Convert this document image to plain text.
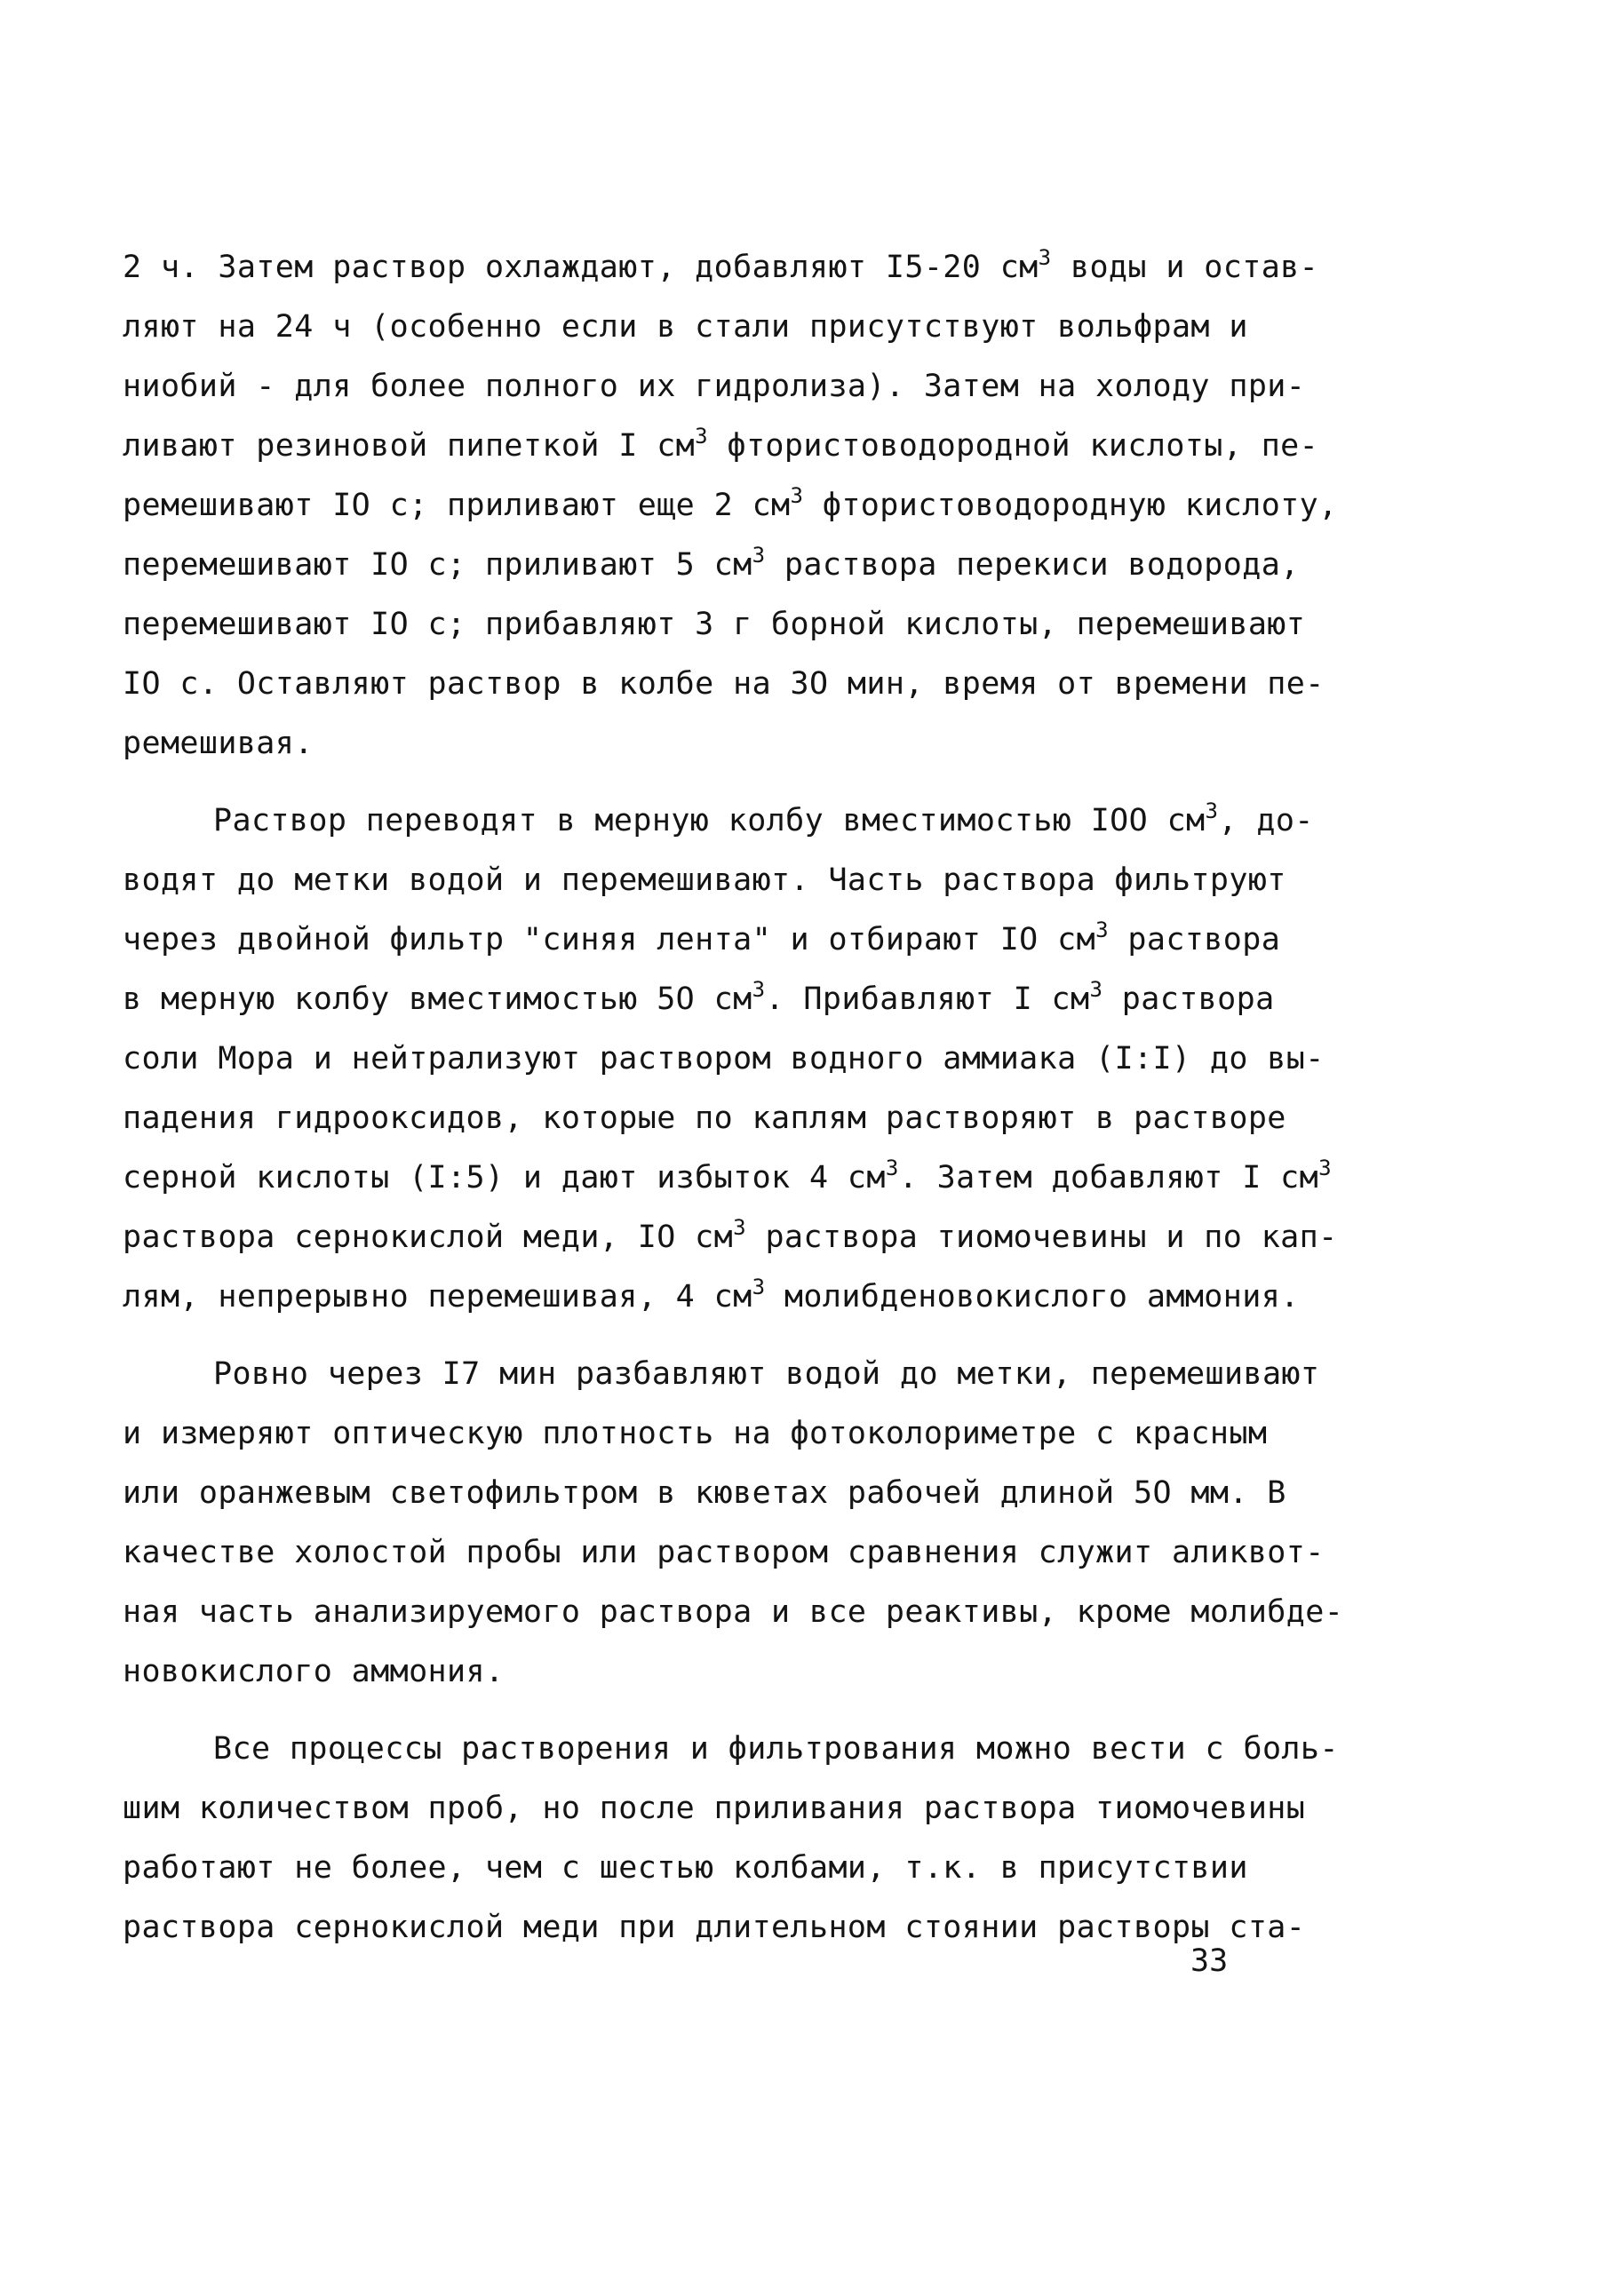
2 ч. Затем раствор охлаждают, добавляют I5-20 $см^3$ воды и остав-
ляют на 24 ч (особенно если в стали присутствуют вольфрам и
ниобий - для более полного их гидролиза). Затем на холоду при-
ливают резиновой пипеткой I $см^3$ фтористоводородной кислоты, пе-
ремешивают IO с; приливают еще 2 $см^3$ фтористоводородную кислоту,
перемешивают IO с; приливают 5 $см^3$ раствора перекиси водорода,
перемешивают IO с; прибавляют 3 г борной кислоты, перемешивают
IO с. Оставляют раствор в колбе на 3O мин, время от времени пе-
ремешивая.
Раствор переводят в мерную колбу вместимостью IOO $см^3$, до-
водят до метки водой и перемешивают. Часть раствора фильтруют
через двойной фильтр "синяя лента" и отбирают IO $см^3$ раствора
в мерную колбу вместимостью 5O $см^3$. Прибавляют I $см^3$ раствора
соли Мора и нейтрализуют раствором водного аммиака (I:I) до вы-
падения гидрооксидов, которые по каплям растворяют в растворе
серной кислоты (I:5) и дают избыток 4 $см^3$. Затем добавляют I $см^3$
раствора сернокислой меди, IO $см^3$ раствора тиомочевины и по кап-
лям, непрерывно перемешивая, 4 $см^3$ молибденовокислого аммония.
Ровно через I7 мин разбавляют водой до метки, перемешивают
и измеряют оптическую плотность на фотоколориметре с красным
или оранжевым светофильтром в кюветах рабочей длиной 5O мм. В
качестве холостой пробы или раствором сравнения служит аликвот-
ная часть анализируемого раствора и все реактивы, кроме молибде-
новокислого аммония.
Все процессы растворения и фильтрования можно вести с боль-
шим количеством проб, но после приливания раствора тиомочевины
работают не более, чем с шестью колбами, т.к. в присутствии
раствора сернокислой меди при длительном стоянии растворы ста-
33
